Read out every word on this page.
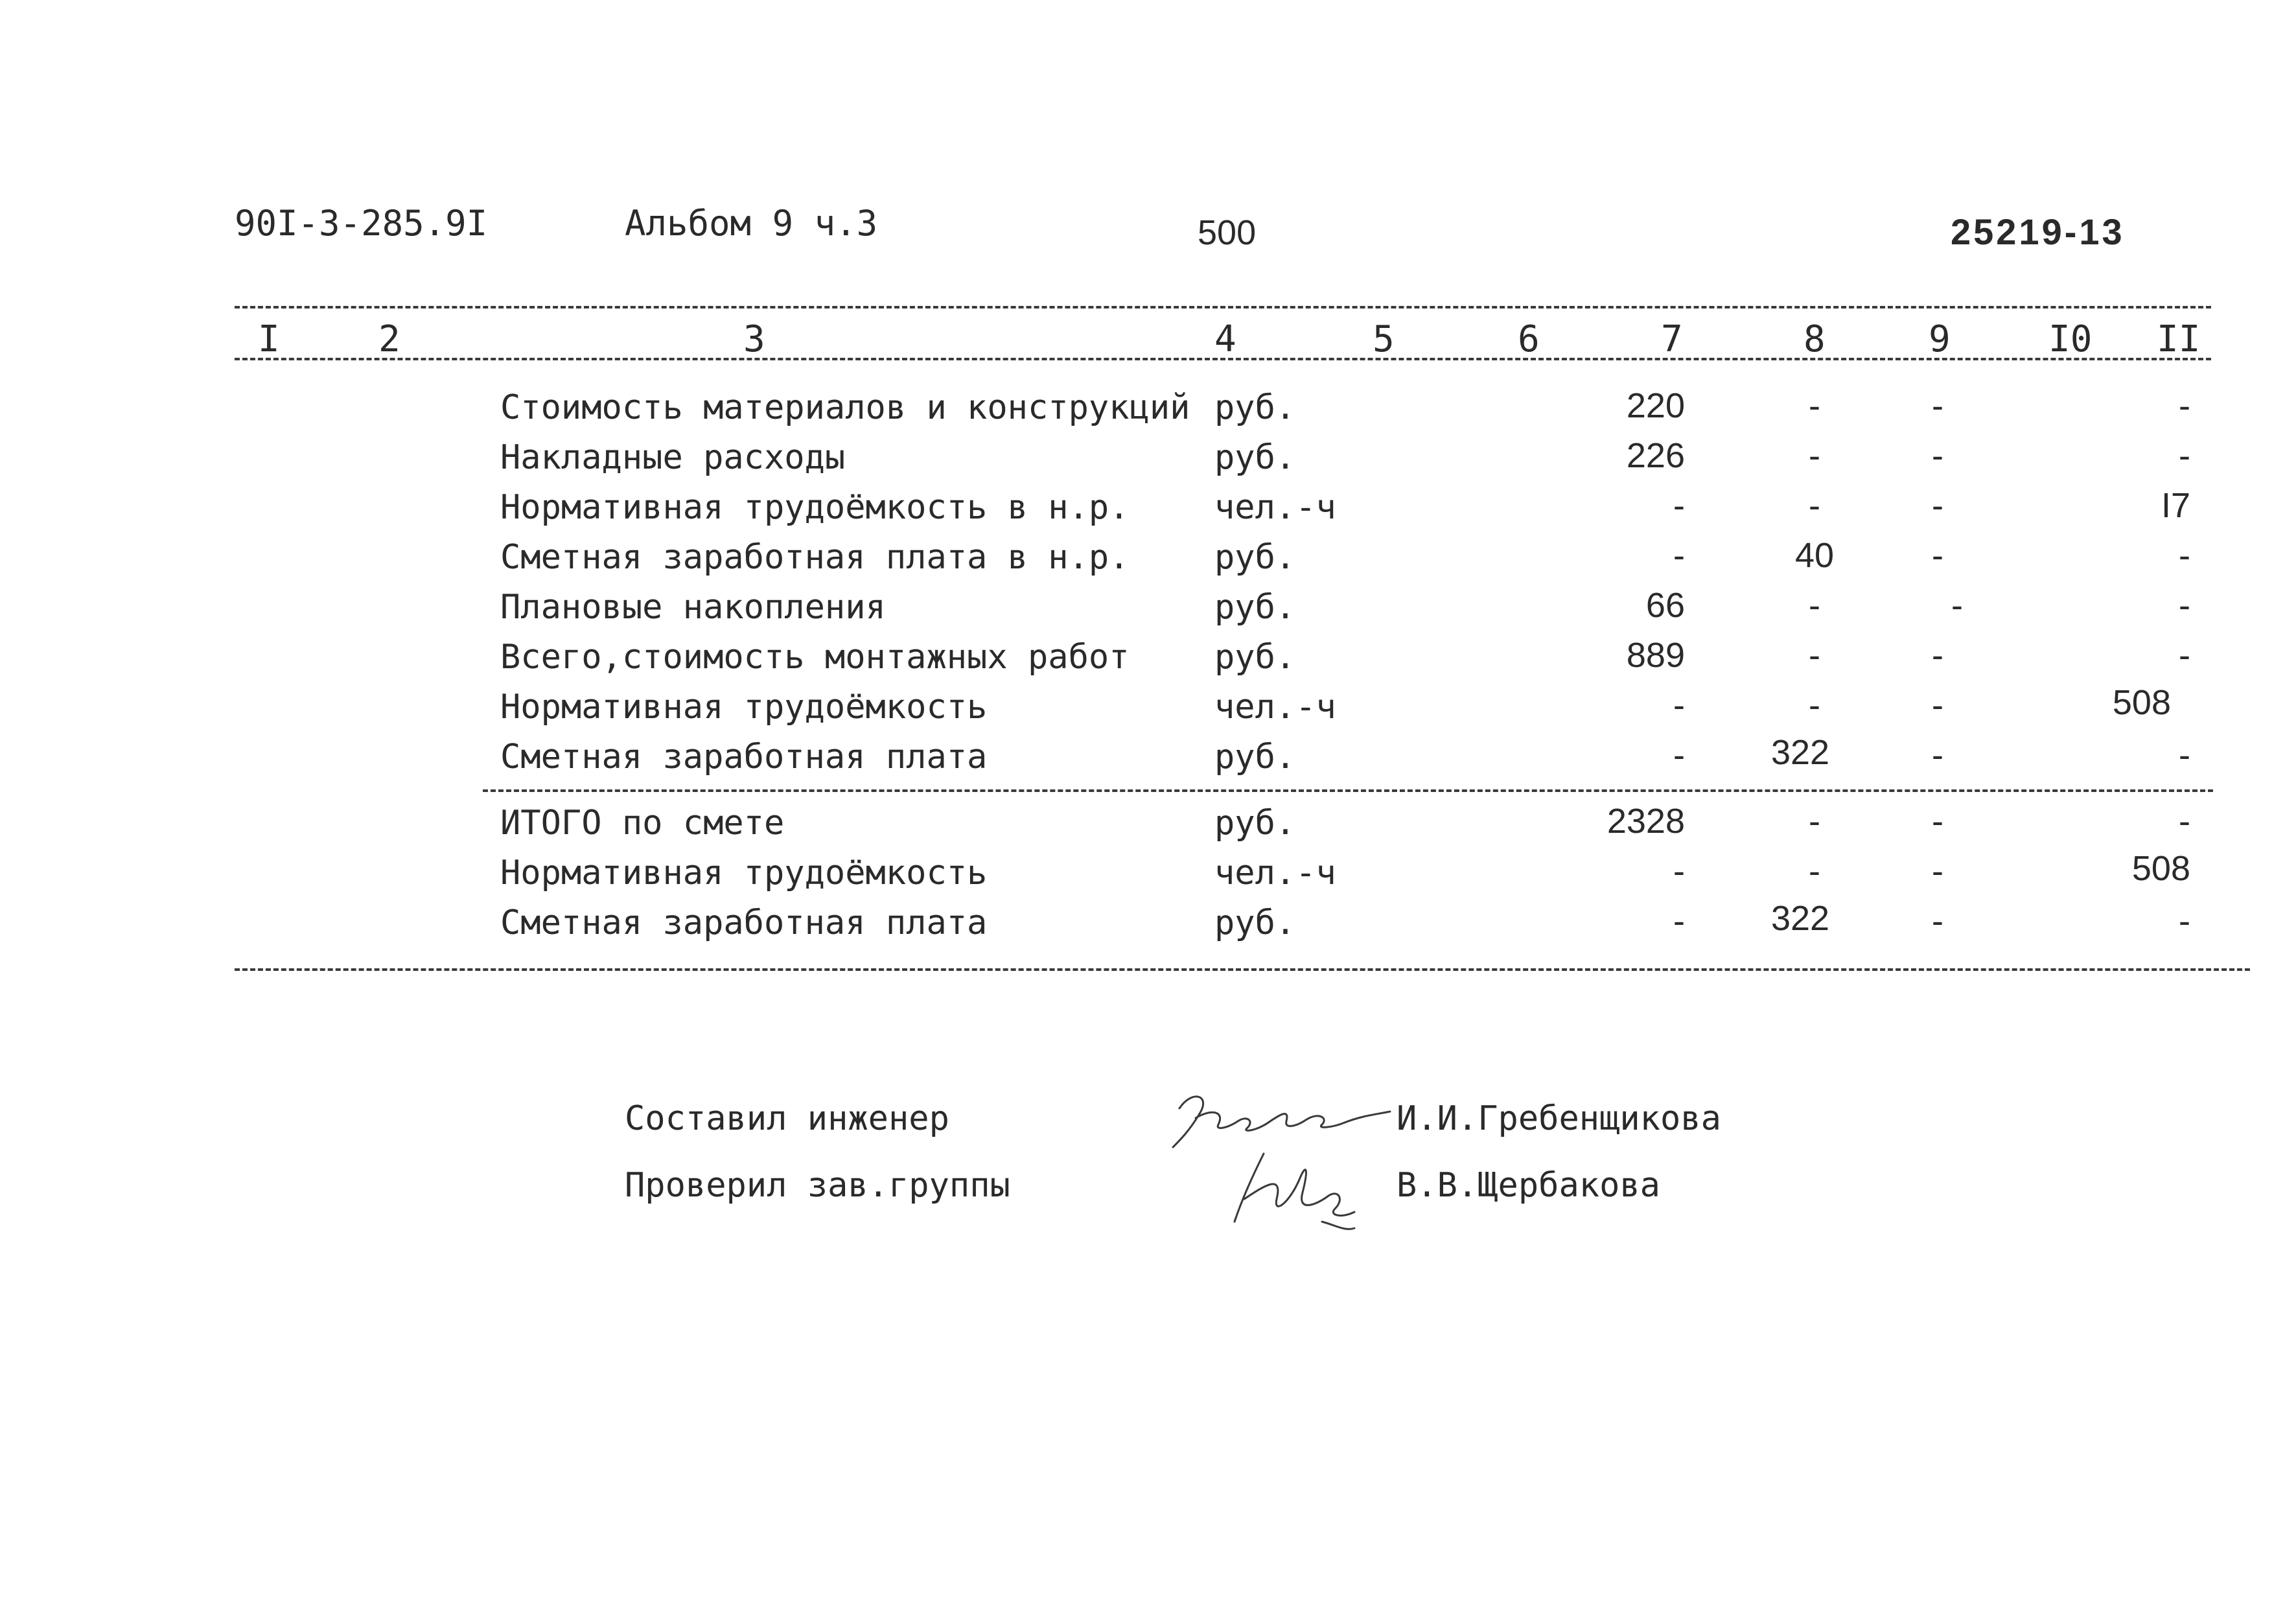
90I-3-285.9I	Альбом 9 ч.3	500	25219-13
I	2	3	4	5	6	7	8	9	I0 II
Стоимость материалов и конструкций руб.	220	-	-	-
Накладные расходы	руб.	226	-	-	-
Нормативная трудоёмкость в н.р.	чел.-ч	-	-	-	I7
Сметная заработная плата в н.р.	руб.	-	40	-	-
Плановые накопления	руб.	66	-	-	-
Всего,стоимость монтажных работ	руб.	889	-	-	-
Нормативная трудоёмкость	чел.-ч	-	-	-	508
Сметная заработная плата	руб.	- 322	-	-
ИТОГО по смете	руб.	2328	-	-	-
Нормативная трудоёмкость	чел.-ч	-	-	-	508
Сметная заработная плата	руб.	- 322	-	-
Составил инженер	И.И.Гребенщикова
Проверил зав.группы	В.В.Щербакова
